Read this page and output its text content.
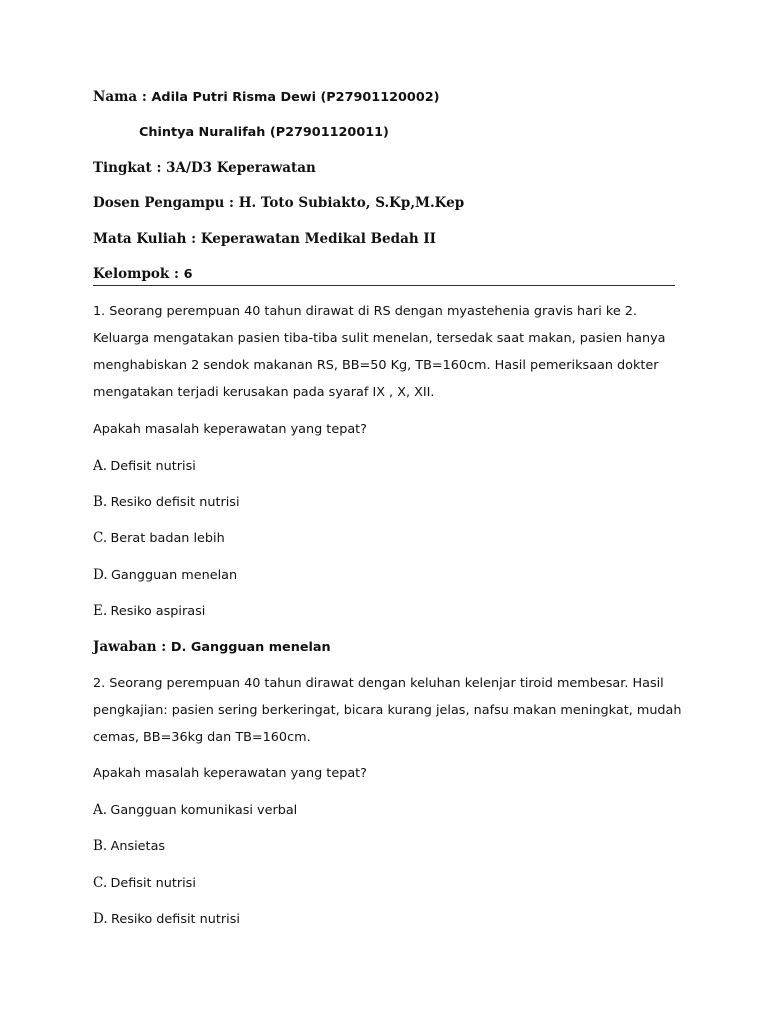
Nama : Adila Putri Risma Dewi (P27901120002)
Chintya Nuralifah (P27901120011)
Tingkat : 3A/D3 Keperawatan
Dosen Pengampu : H. Toto Subiakto, S.Kp,M.Kep
Mata Kuliah : Keperawatan Medikal Bedah II
Kelompok : 6
1. Seorang perempuan 40 tahun dirawat di RS dengan myastehenia gravis hari ke 2.
Keluarga mengatakan pasien tiba-tiba sulit menelan, tersedak saat makan, pasien hanya
menghabiskan 2 sendok makanan RS, BB=50 Kg, TB=160cm. Hasil pemeriksaan dokter
mengatakan terjadi kerusakan pada syaraf IX , X, XII.
Apakah masalah keperawatan yang tepat?
A. Defisit nutrisi
B. Resiko defisit nutrisi
C. Berat badan lebih
D. Gangguan menelan
E. Resiko aspirasi
Jawaban : D. Gangguan menelan
2. Seorang perempuan 40 tahun dirawat dengan keluhan kelenjar tiroid membesar. Hasil
pengkajian: pasien sering berkeringat, bicara kurang jelas, nafsu makan meningkat, mudah
cemas, BB=36kg dan TB=160cm.
Apakah masalah keperawatan yang tepat?
A. Gangguan komunikasi verbal
B. Ansietas
C. Defisit nutrisi
D. Resiko defisit nutrisi
